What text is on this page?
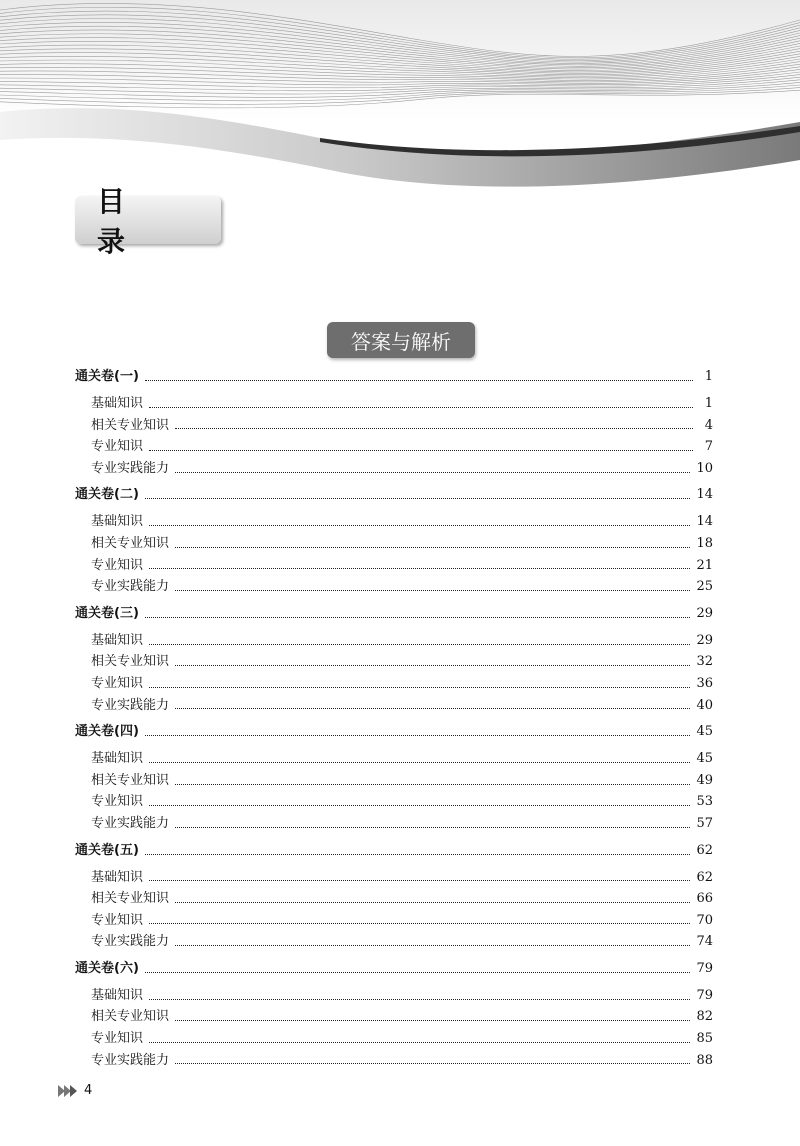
目　录
答案与解析
通关卷(一)	1
基础知识	1
相关专业知识	4
专业知识	7
专业实践能力	10
通关卷(二)	14
基础知识	14
相关专业知识	18
专业知识	21
专业实践能力	25
通关卷(三)	29
基础知识	29
相关专业知识	32
专业知识	36
专业实践能力	40
通关卷(四)	45
基础知识	45
相关专业知识	49
专业知识	53
专业实践能力	57
通关卷(五)	62
基础知识	62
相关专业知识	66
专业知识	70
专业实践能力	74
通关卷(六)	79
基础知识	79
相关专业知识	82
专业知识	85
专业实践能力	88
4
